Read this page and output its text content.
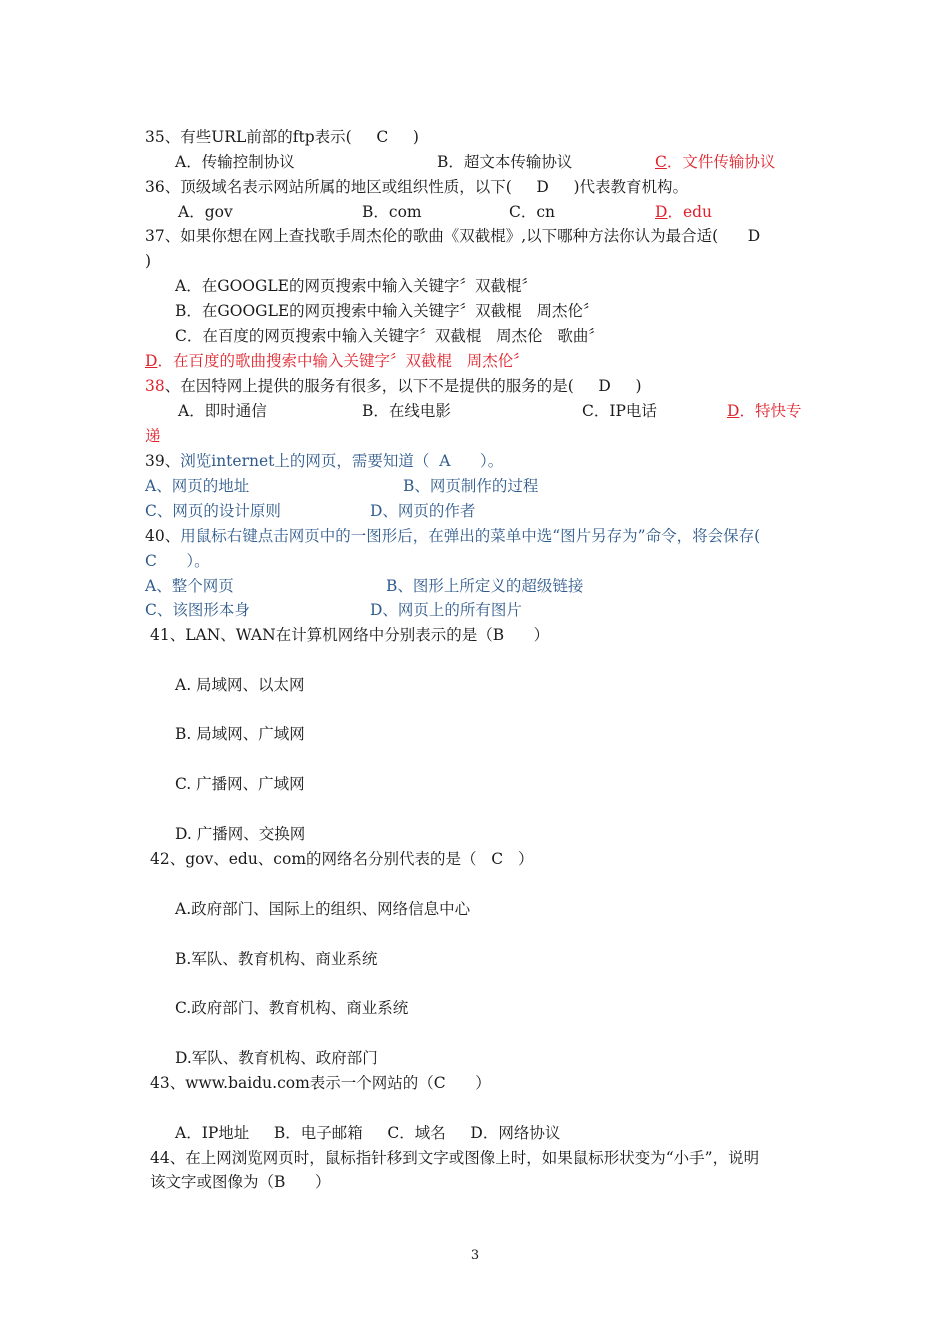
35、有些URL前部的ftp表示(     C     )
A．传输控制协议	B．超文本传输协议	C．文件传输协议
36、顶级域名表示网站所属的地区或组织性质，以下(     D     )代表教育机构。
A．gov	B．com	C．cn	D．edu
37、如果你想在网上查找歌手周杰伦的歌曲《双截棍》,以下哪种方法你认为最合适(      D
)
A．在GOOGLE的网页搜索中输入关键字〞双截棍〞
B．在GOOGLE的网页搜索中输入关键字〞双截棍   周杰伦〞
C．在百度的网页搜索中输入关键字〞双截棍   周杰伦   歌曲〞
D．在百度的歌曲搜索中输入关键字〞双截棍   周杰伦〞
38、在因特网上提供的服务有很多，以下不是提供的服务的是(     D     )
A．即时通信	B．在线电影	C．IP电话	D．特快专
递
39、浏览internet上的网页，需要知道（  A      ）。
A、网页的地址	B、网页制作的过程
C、网页的设计原则	D、网页的作者
40、用鼠标右键点击网页中的一图形后，在弹出的菜单中选“图片另存为”命令，将会保存(
C      ）。
A、整个网页	B、图形上所定义的超级链接
C、该图形本身	D、网页上的所有图片
41、LAN、WAN在计算机网络中分别表示的是（B      ）
A. 局域网、以太网
B. 局域网、广域网
C. 广播网、广域网
D. 广播网、交换网
42、gov、edu、com的网络名分别代表的是（   C   ）
A.政府部门、国际上的组织、网络信息中心
B.军队、教育机构、商业系统
C.政府部门、教育机构、商业系统
D.军队、教育机构、政府部门
43、www.baidu.com表示一个网站的（C      ）
A．IP地址     B．电子邮箱     C．域名     D．网络协议
44、在上网浏览网页时，鼠标指针移到文字或图像上时，如果鼠标形状变为“小手”，说明
该文字或图像为（B      ）
3
